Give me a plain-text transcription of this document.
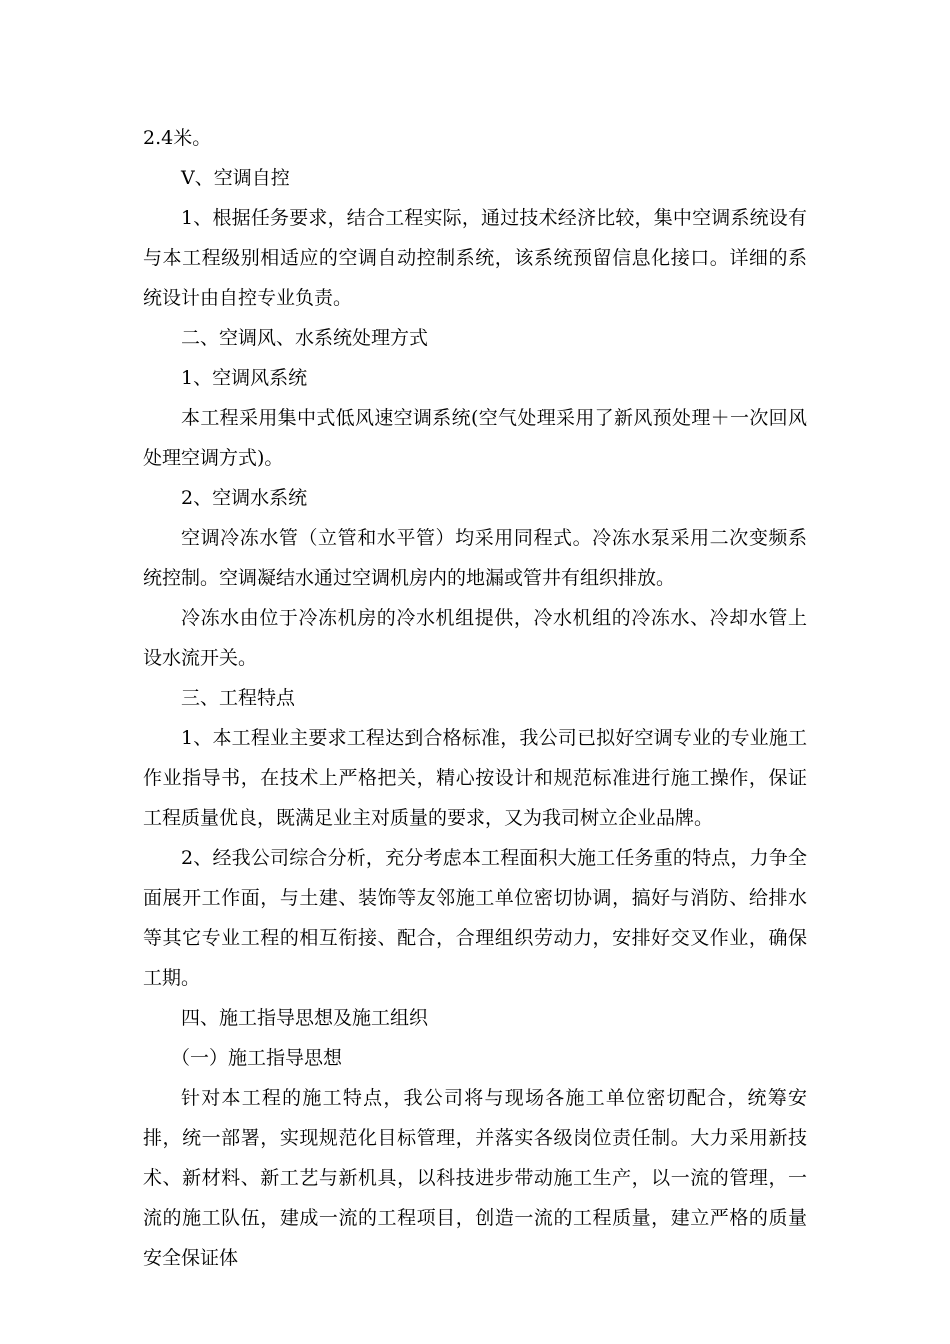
2.4米。

Ⅴ、空调自控

1、根据任务要求，结合工程实际，通过技术经济比较，集中空调系统设有与本工程级别相适应的空调自动控制系统，该系统预留信息化接口。详细的系统设计由自控专业负责。

二、空调风、水系统处理方式

1、空调风系统

本工程采用集中式低风速空调系统(空气处理采用了新风预处理＋一次回风处理空调方式)。

2、空调水系统

空调冷冻水管（立管和水平管）均采用同程式。冷冻水泵采用二次变频系统控制。空调凝结水通过空调机房内的地漏或管井有组织排放。

冷冻水由位于冷冻机房的冷水机组提供，冷水机组的冷冻水、冷却水管上设水流开关。

三、工程特点

1、本工程业主要求工程达到合格标准，我公司已拟好空调专业的专业施工作业指导书，在技术上严格把关，精心按设计和规范标准进行施工操作，保证工程质量优良，既满足业主对质量的要求，又为我司树立企业品牌。

2、经我公司综合分析，充分考虑本工程面积大施工任务重的特点，力争全面展开工作面，与土建、装饰等友邻施工单位密切协调，搞好与消防、给排水等其它专业工程的相互衔接、配合，合理组织劳动力，安排好交叉作业，确保工期。

四、施工指导思想及施工组织

（一）施工指导思想

针对本工程的施工特点，我公司将与现场各施工单位密切配合，统筹安排，统一部署，实现规范化目标管理，并落实各级岗位责任制。大力采用新技术、新材料、新工艺与新机具，以科技进步带动施工生产，以一流的管理，一流的施工队伍，建成一流的工程项目，创造一流的工程质量，建立严格的质量安全保证体
